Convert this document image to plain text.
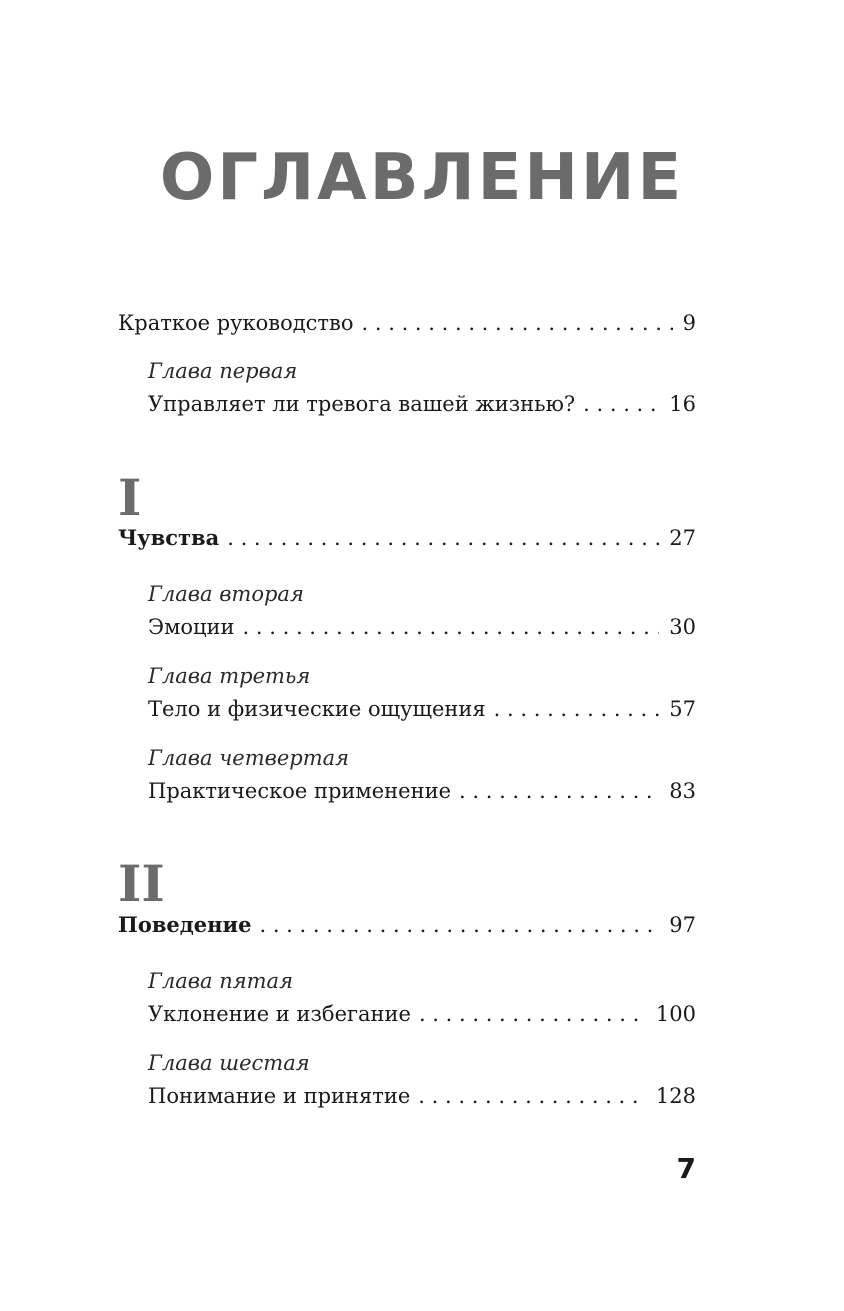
ОГЛАВЛЕНИЕ
Краткое руководство . . .	9
Глава первая
Управляет ли тревога вашей жизнью? . . .	16
I
Чувства . . .	27
Глава вторая
Эмоции . . .	30
Глава третья
Тело и физические ощущения . . .	57
Глава четвертая
Практическое применение . . .	83
II
Поведение . . .	97
Глава пятая
Уклонение и избегание . . .	100
Глава шестая
Понимание и принятие . . .	128
7
